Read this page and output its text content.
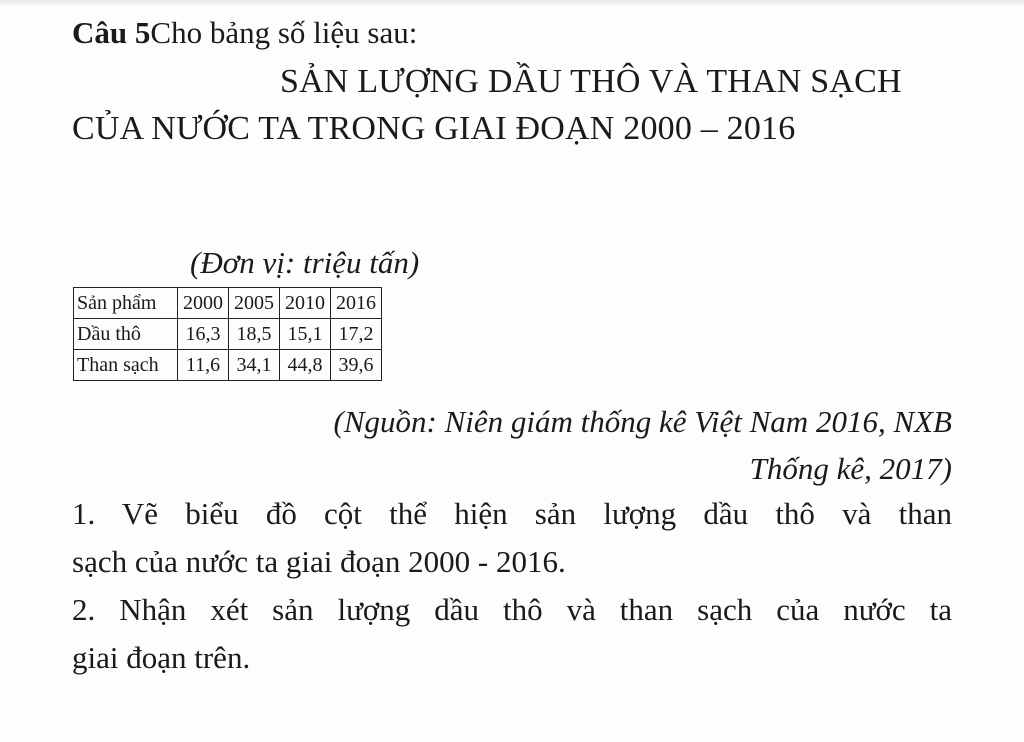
Câu 5Cho bảng số liệu sau:
SẢN LƯỢNG DẦU THÔ VÀ THAN SẠCH CỦA NƯỚC TA TRONG GIAI ĐOẠN 2000 – 2016
(Đơn vị: triệu tấn)
Sản phẩm	2000	2005	2010	2016
Dầu thô	16,3	18,5	15,1	17,2
Than sạch	11,6	34,1	44,8	39,6
(Nguồn: Niên giám thống kê Việt Nam 2016, NXB
Thống kê, 2017)
1. Vẽ biểu đồ cột thể hiện sản lượng dầu thô và than
sạch của nước ta giai đoạn 2000 - 2016.
2. Nhận xét sản lượng dầu thô và than sạch của nước ta
giai đoạn trên.
